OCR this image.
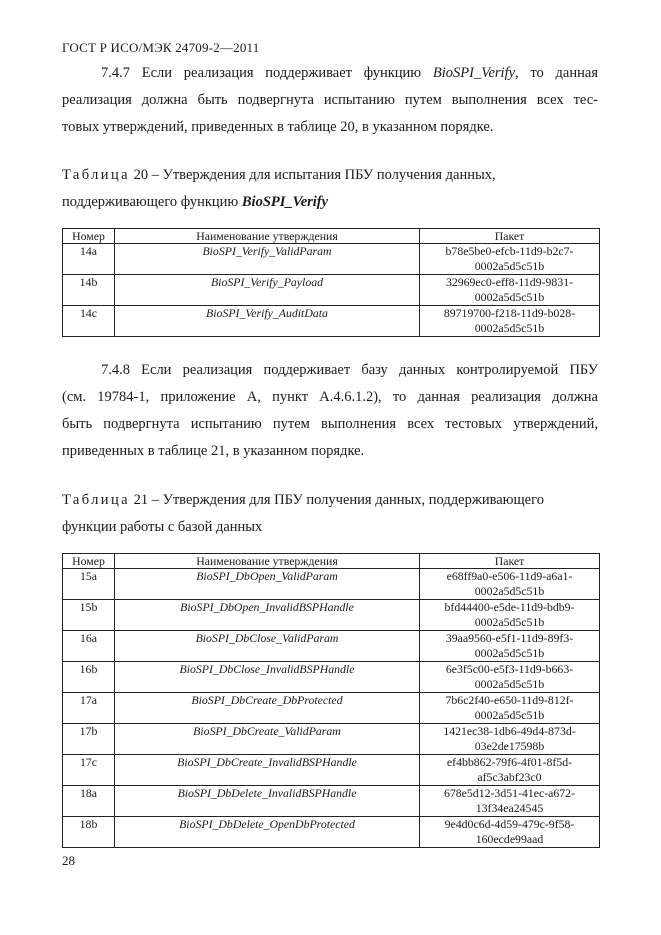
ГОСТ Р ИСО/МЭК 24709-2—2011
7.4.7 Если реализация поддерживает функцию BioSPI_Verify, то данная
реализация должна быть подвергнута испытанию путем выполнения всех тес-
товых утверждений, приведенных в таблице 20, в указанном порядке.
Таблица 20 – Утверждения для испытания ПБУ получения данных,
поддерживающего функцию BioSPI_Verify
Номер	Наименование утверждения	Пакет
14a	BioSPI_Verify_ValidParam	b78e5be0-efcb-11d9-b2c7-
0002a5d5c51b

14b	BioSPI_Verify_Payload	32969ec0-eff8-11d9-9831-
0002a5d5c51b

14c	BioSPI_Verify_AuditData	89719700-f218-11d9-b028-
0002a5d5c51b
7.4.8 Если реализация поддерживает базу данных контролируемой ПБУ
(см. 19784-1, приложение А, пункт А.4.6.1.2), то данная реализация должна
быть подвергнута испытанию путем выполнения всех тестовых утверждений,
приведенных в таблице 21, в указанном порядке.
Таблица 21 – Утверждения для ПБУ получения данных, поддерживающего
функции работы с базой данных
Номер	Наименование утверждения	Пакет
15a	BioSPI_DbOpen_ValidParam	e68ff9a0-e506-11d9-a6a1-
0002a5d5c51b

15b	BioSPI_DbOpen_InvalidBSPHandle	bfd44400-e5de-11d9-bdb9-
0002a5d5c51b

16a	BioSPI_DbClose_ValidParam	39aa9560-e5f1-11d9-89f3-
0002a5d5c51b

16b	BioSPI_DbClose_InvalidBSPHandle	6e3f5c00-e5f3-11d9-b663-
0002a5d5c51b

17a	BioSPI_DbCreate_DbProtected	7b6c2f40-e650-11d9-812f-
0002a5d5c51b

17b	BioSPI_DbCreate_ValidParam	1421ec38-1db6-49d4-873d-
03e2de17598b

17c	BioSPI_DbCreate_InvalidBSPHandle	ef4bb862-79f6-4f01-8f5d-
af5c3abf23c0

18a	BioSPI_DbDelete_InvalidBSPHandle	678e5d12-3d51-41ec-a672-
13f34ea24545

18b	BioSPI_DbDelete_OpenDbProtected	9e4d0c6d-4d59-479c-9f58-
160ecde99aad
28
